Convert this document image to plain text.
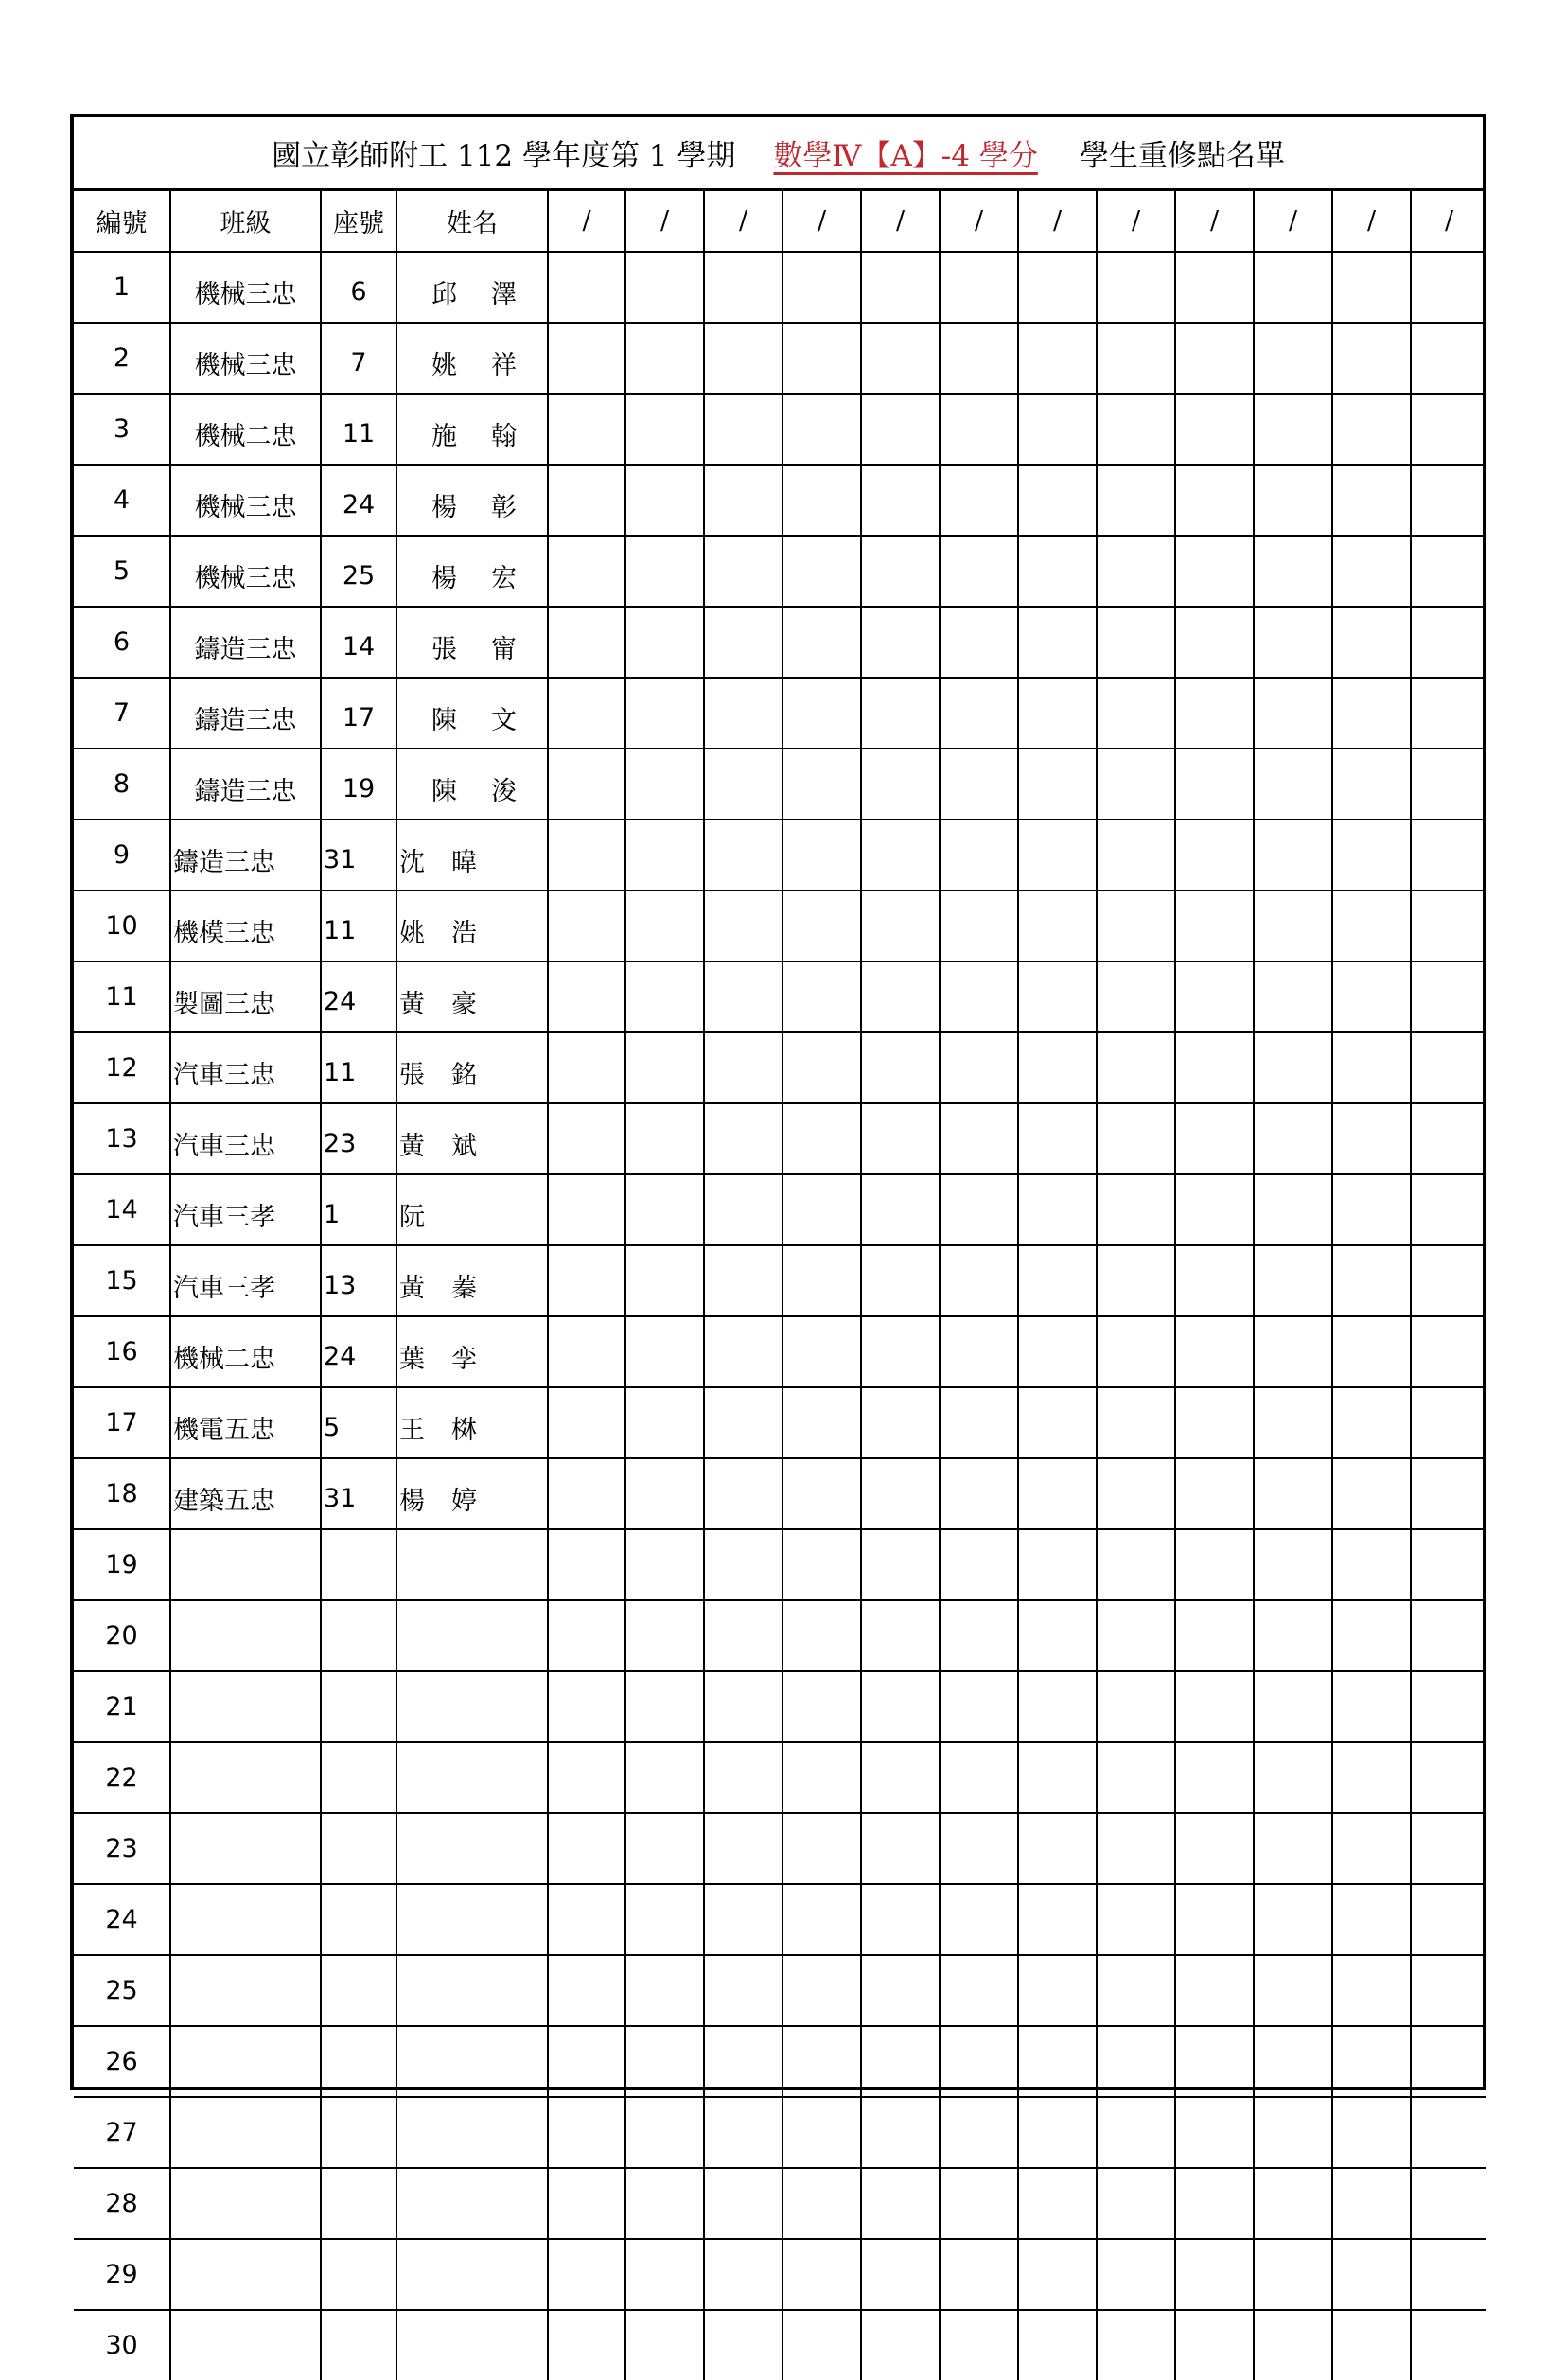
國立彰師附工 112 學年度第 1 學期 數學Ⅳ【A】-4 學分 學生重修點名單
編號	班級	座號	姓名	/	/	/	/	/	/	/	/	/	/	/	/
1	機械三忠	6	邱 澤												
2	機械三忠	7	姚 祥												
3	機械二忠	11	施 翰												
4	機械三忠	24	楊 彰												
5	機械三忠	25	楊 宏												
6	鑄造三忠	14	張 甯												
7	鑄造三忠	17	陳 文												
8	鑄造三忠	19	陳 浚												
9	鑄造三忠	31	沈 暐												
10	機模三忠	11	姚 浩												
11	製圖三忠	24	黃 豪												
12	汽車三忠	11	張 銘												
13	汽車三忠	23	黃 斌												
14	汽車三孝	1	阮												
15	汽車三孝	13	黃 蓁												
16	機械二忠	24	葉 孪												
17	機電五忠	5	王 棥												
18	建築五忠	31	楊 婷												
19															
20															
21															
22															
23															
24															
25															
26															
27															
28															
29															
30															
